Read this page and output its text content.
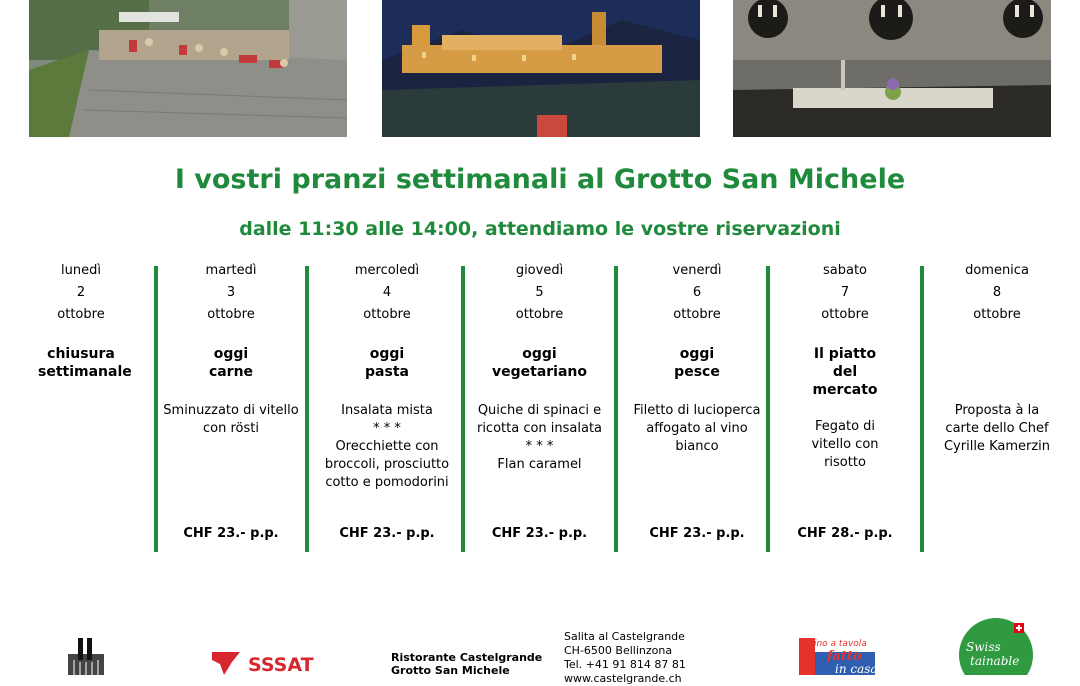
I vostri pranzi settimanali al Grotto San Michele
dalle 11:30 alle 14:00, attendiamo le vostre riservazioni
lunedì
2
ottobre
chiusura settimanale
martedì
3
ottobre
oggi carne
Sminuzzato di vitello con rösti
CHF 23.- p.p.
mercoledì
4
ottobre
oggi pasta
Insalata mista
* * *
Orecchiette con broccoli, prosciutto cotto e pomodorini
CHF 23.- p.p.
giovedì
5
ottobre
oggi vegetariano
Quiche di spinaci e ricotta con insalata
* * *
Flan caramel
CHF 23.- p.p.
venerdì
6
ottobre
oggi pesce
Filetto di lucioperca affogato al vino bianco
CHF 23.- p.p.
sabato
7
ottobre
Il piatto del mercato
Fegato di vitello con risotto
CHF 28.- p.p.
domenica
8
ottobre
Proposta à la carte dello Chef Cyrille Kamerzin
SSSAT	Ristorante Castelgrande
Grotto San Michele
Salita al Castelgrande
CH-6500 Bellinzona
Tel. +41 91 814 87 81
www.castelgrande.ch
Ticino a tavola
fatto
in casa
Swiss
tainable
